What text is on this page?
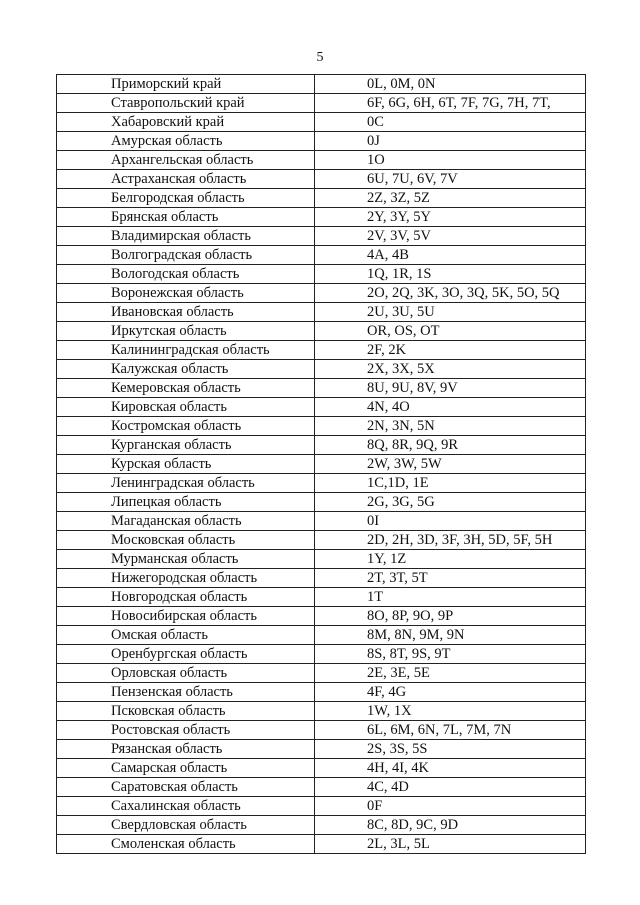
5
Приморский край	0L, 0M, 0N
Ставропольский край	6F, 6G, 6H, 6T, 7F, 7G, 7H, 7T,
Хабаровский край	0C
Амурская область	0J
Архангельская область	1O
Астраханская область	6U, 7U, 6V, 7V
Белгородская область	2Z, 3Z, 5Z
Брянская область	2Y, 3Y, 5Y
Владимирская область	2V, 3V, 5V
Волгоградская область	4A, 4B
Вологодская область	1Q, 1R, 1S
Воронежская область	2O, 2Q, 3K, 3O, 3Q, 5K, 5O, 5Q
Ивановская область	2U, 3U, 5U
Иркутская область	OR, OS, OT
Калининградская область	2F, 2K
Калужская область	2X, 3X, 5X
Кемеровская область	8U, 9U, 8V, 9V
Кировская область	4N, 4O
Костромская область	2N, 3N, 5N
Курганская область	8Q, 8R, 9Q, 9R
Курская область	2W, 3W, 5W
Ленинградская область	1C,1D, 1E
Липецкая область	2G, 3G, 5G
Магаданская область	0I
Московская область	2D, 2H, 3D, 3F, 3H, 5D, 5F, 5H
Мурманская область	1Y, 1Z
Нижегородская область	2T, 3T, 5T
Новгородская область	1T
Новосибирская область	8O, 8P, 9O, 9P
Омская область	8M, 8N, 9M, 9N
Оренбургская область	8S, 8T, 9S, 9T
Орловская область	2E, 3E, 5E
Пензенская область	4F, 4G
Псковская область	1W, 1X
Ростовская область	6L, 6M, 6N, 7L, 7M, 7N
Рязанская область	2S, 3S, 5S
Самарская область	4H, 4I, 4K
Саратовская область	4C, 4D
Сахалинская область	0F
Свердловская область	8C, 8D, 9C, 9D
Смоленская область	2L, 3L, 5L
